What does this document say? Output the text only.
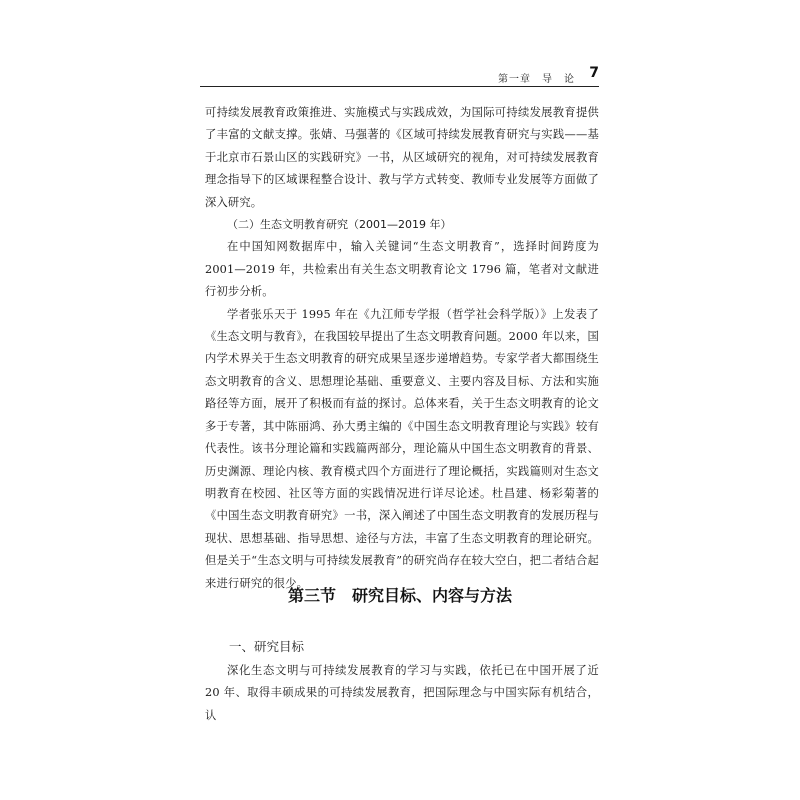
第一章　导　论 7

可持续发展教育政策推进、实施模式与实践成效，为国际可持续发展教育提供了丰富的文献支撑。张婧、马强著的《区域可持续发展教育研究与实践——基于北京市石景山区的实践研究》一书，从区域研究的视角，对可持续发展教育理念指导下的区域课程整合设计、教与学方式转变、教师专业发展等方面做了深入研究。

（二）生态文明教育研究（2001—2019 年）

在中国知网数据库中，输入关键词“生态文明教育”，选择时间跨度为 2001—2019 年，共检索出有关生态文明教育论文 1796 篇，笔者对文献进行初步分析。

学者张乐天于 1995 年在《九江师专学报（哲学社会科学版）》上发表了《生态文明与教育》，在我国较早提出了生态文明教育问题。2000 年以来，国内学术界关于生态文明教育的研究成果呈逐步递增趋势。专家学者大都围绕生态文明教育的含义、思想理论基础、重要意义、主要内容及目标、方法和实施路径等方面，展开了积极而有益的探讨。总体来看，关于生态文明教育的论文多于专著，其中陈丽鸿、孙大勇主编的《中国生态文明教育理论与实践》较有代表性。该书分理论篇和实践篇两部分，理论篇从中国生态文明教育的背景、历史渊源、理论内核、教育模式四个方面进行了理论概括，实践篇则对生态文明教育在校园、社区等方面的实践情况进行详尽论述。杜昌建、杨彩菊著的《中国生态文明教育研究》一书，深入阐述了中国生态文明教育的发展历程与现状、思想基础、指导思想、途径与方法，丰富了生态文明教育的理论研究。但是关于“生态文明与可持续发展教育”的研究尚存在较大空白，把二者结合起来进行研究的很少。

第三节 研究目标、内容与方法
一、研究目标

深化生态文明与可持续发展教育的学习与实践，依托已在中国开展了近 20 年、取得丰硕成果的可持续发展教育，把国际理念与中国实际有机结合，认
